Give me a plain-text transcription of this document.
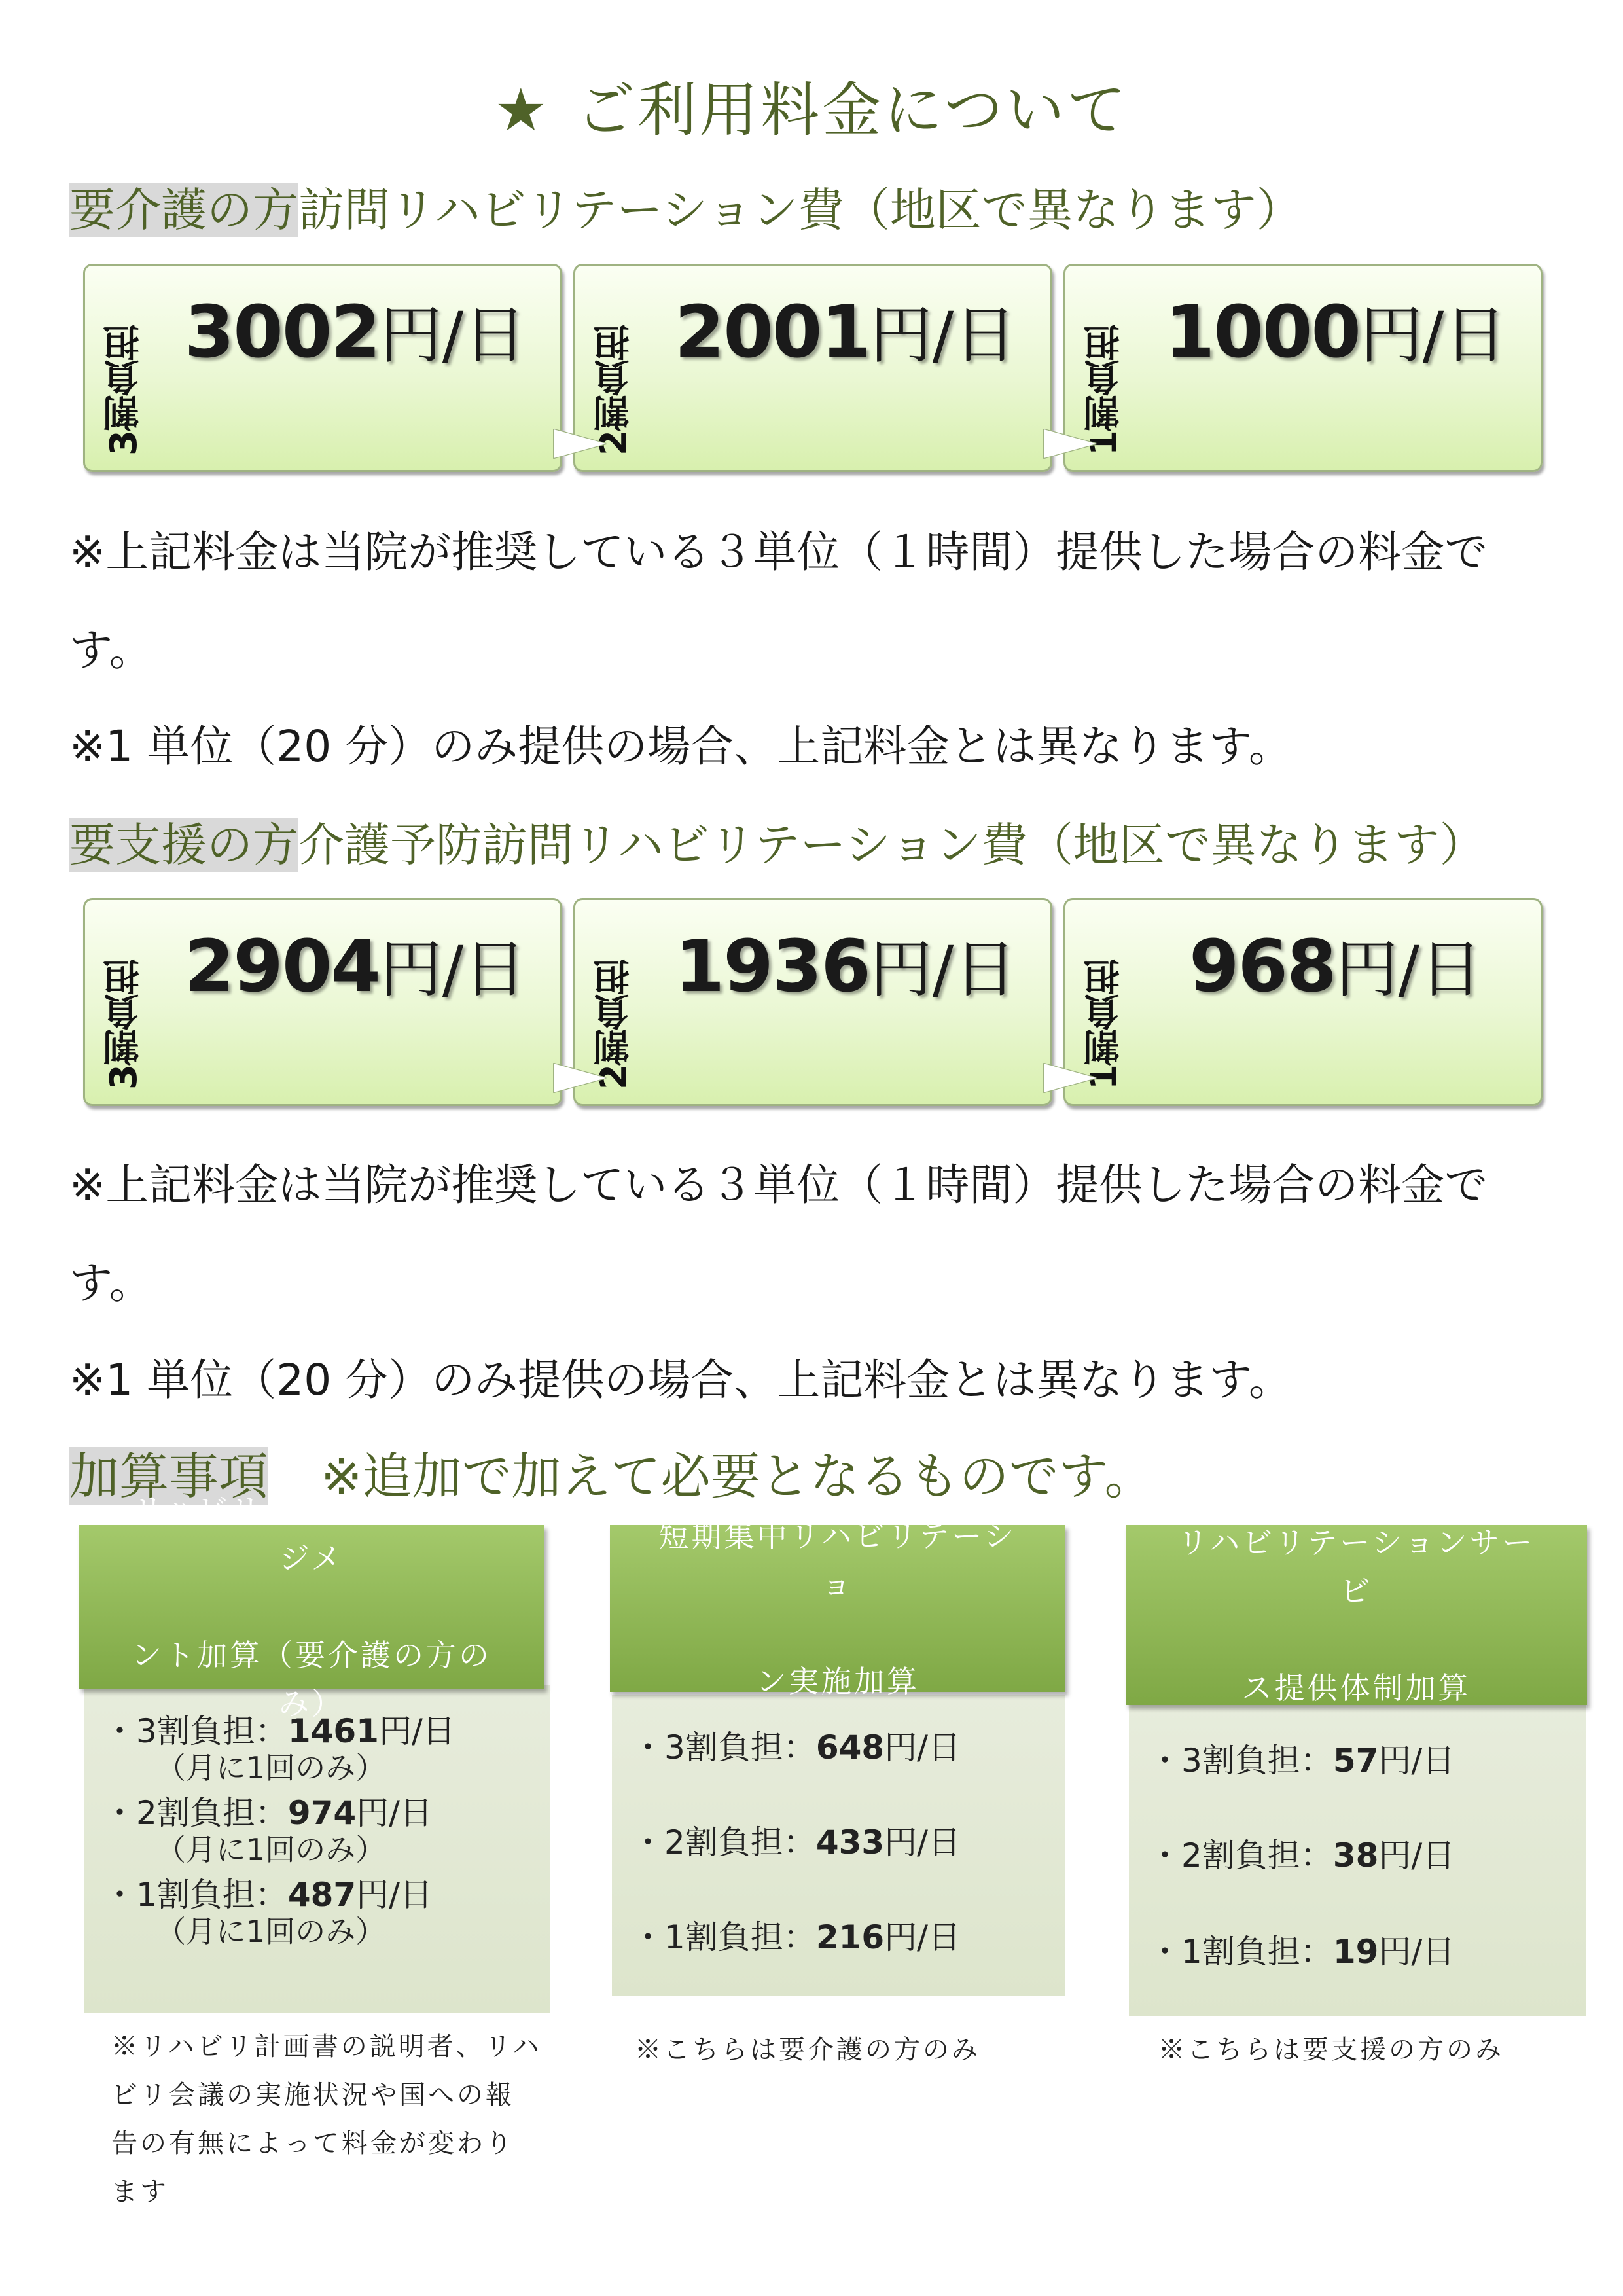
★ ご利用料金について
要介護の方訪問リハビリテーション費（地区で異なります）
3割負担 3002円/日	2割負担 2001円/日	1割負担 1000円/日
※上記料金は当院が推奨している３単位（１時間）提供した場合の料金で
す。
※1 単位（20 分）のみ提供の場合、上記料金とは異なります。
要支援の方介護予防訪問リハビリテーション費（地区で異なります）
3割負担 2904円/日	2割負担 1936円/日	1割負担 968円/日
※上記料金は当院が推奨している３単位（１時間）提供した場合の料金で
す。
※1 単位（20 分）のみ提供の場合、上記料金とは異なります。
加算事項 ※追加で加えて必要となるものです。
・3割負担：1461円/日
（月に1回のみ）
・2割負担：974円/日
（月に1回のみ）
・1割負担：487円/日
（月に1回のみ）
リハビリテーションマネジメ

ント加算（要介護の方のみ）
※リハビリ計画書の説明者、リハ
ビリ会議の実施状況や国への報
告の有無によって料金が変わり
ます
・3割負担：648円/日
・2割負担：433円/日
・1割負担：216円/日
短期集中リハビリテーショ

ン実施加算
※こちらは要介護の方のみ
・3割負担：57円/日
・2割負担：38円/日
・1割負担：19円/日
リハビリテーションサービ

ス提供体制加算
※こちらは要支援の方のみ
